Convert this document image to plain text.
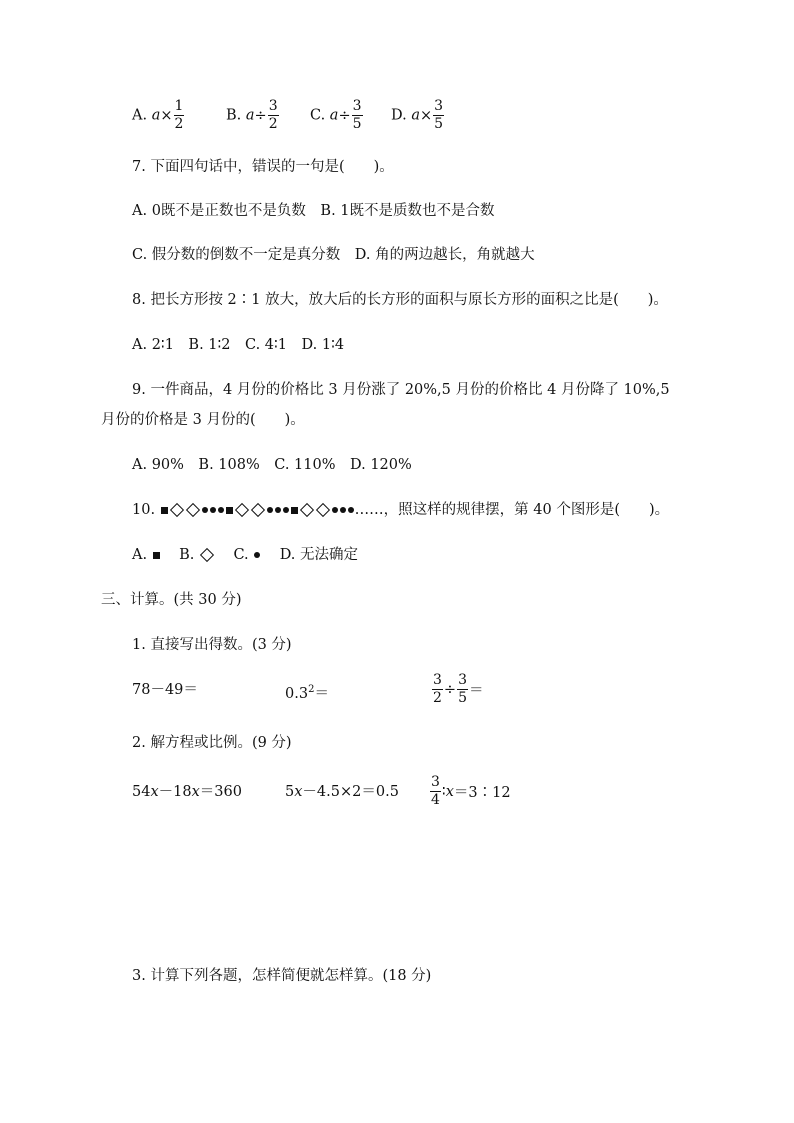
A. $a\times \frac{1}{2}$	B. $a\div \frac{3}{2} C$. $a\div \frac{3}{5} D$. $a\times \frac{3}{5}$
7. 下面四句话中，错误的一句是(　　)。
A. 0既不是正数也不是负数　B. 1既不是质数也不是合数
C. 假分数的倒数不一定是真分数　D. 角的两边越长，角就越大
8. 把长方形按 2∶1 放大，放大后的长方形的面积与原长方形的面积之比是(　　)。
A. 2∶1　B. 1∶2　C. 4∶1　D. 1∶4
9. 一件商品，4 月份的价格比 3 月份涨了 20%,5 月份的价格比 4 月份降了 10%,5
月份的价格是 3 月份的(　　)。
A. 90%　B. 108%　C. 110%　D. 120%
10.	……，照这样的规律摆，第 40 个图形是(　　)。
A. B.	C. D. 无法确定
三、计算。(共 30 分)
1. 直接写出得数。(3 分)
78－49＝	$0.3^2=$	$\frac{3}{2} \div \frac{3}{5}$ ＝
2. 解方程或比例。(9 分)
54x－18x＝360	$5x-4.5\times 2=0.5 \frac{3}{4}$ ∶x＝3∶12
3. 计算下列各题，怎样简便就怎样算。(18 分)
